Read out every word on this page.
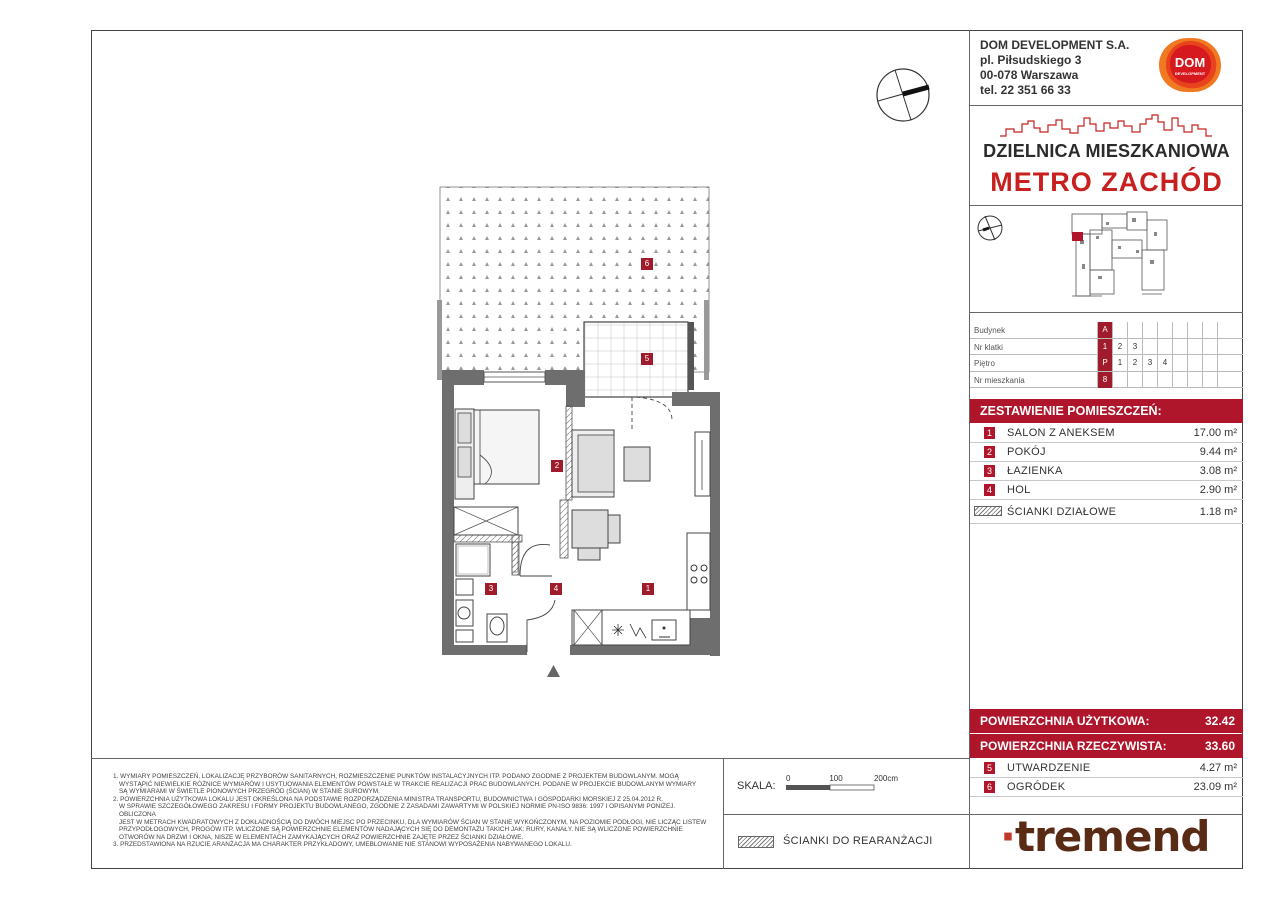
DOM DEVELOPMENT S.A.
pl. Piłsudskiego 3
00-078 Warszawa
tel. 22 351 66 33
DOM
DEVELOPMENT
DZIELNICA MIESZKANIOWA
METRO ZACHÓD
Budynek	A
Nr klatki	1	2	3
Piętro	P	1	2	3	4
Nr mieszkania	8
ZESTAWIENIE POMIESZCZEŃ:
1 SALON Z ANEKSEM	17.00 m²
2 POKÓJ	9.44 m²
3 ŁAZIENKA	3.08 m²
4 HOL	2.90 m²
ŚCIANKI DZIAŁOWE	1.18 m²
POWIERZCHNIA UŻYTKOWA:	32.42
POWIERZCHNIA RZECZYWISTA:	33.60
5 UTWARDZENIE	4.27 m²
6 OGRÓDEK	23.09 m²
·tremend
SKALA:
0	100	200cm
ŚCIANKI DO REARANŻACJI
1. WYMIARY POMIESZCZEŃ, LOKALIZACJĘ PRZYBORÓW SANITARNYCH, ROZMIESZCZENIE PUNKTÓW INSTALACYJNYCH ITP. PODANO ZGODNIE Z PROJEKTEM BUDOWLANYM. MOGĄ
WYSTĄPIĆ NIEWIELKIE RÓŻNICE WYMIARÓW I USYTUOWANIA ELEMENTÓW POWSTAŁE W TRAKCIE REALIZACJI PRAC BUDOWLANYCH. PODANE W PROJEKCIE BUDOWLANYM WYMIARY
SĄ WYMIARAMI W ŚWIETLE PIONOWYCH PRZEGRÓD (ŚCIAN) W STANIE SUROWYM.
2. POWIERZCHNIA UŻYTKOWA LOKALU JEST OKREŚLONA NA PODSTAWIE ROZPORZĄDZENIA MINISTRA TRANSPORTU, BUDOWNICTWA I GOSPODARKI MORSKIEJ Z 25.04.2012 R.
W SPRAWIE SZCZEGÓŁOWEGO ZAKRESU I FORMY PROJEKTU BUDOWLANEGO, ZGODNIE Z ZASADAMI ZAWARTYMI W POLSKIEJ NORMIE PN-ISO 9836: 1997 I OPISANYMI PONIŻEJ. OBLICZONA
JEST W METRACH KWADRATOWYCH Z DOKŁADNOŚCIĄ DO DWÓCH MIEJSC PO PRZECINKU, DLA WYMIARÓW ŚCIAN W STANIE WYKOŃCZONYM, NA POZIOMIE PODŁOGI, NIE LICZĄC LISTEW
PRZYPODŁOGOWYCH, PROGÓW ITP. WLICZONE SĄ POWIERZCHNIE ELEMENTÓW NADAJĄCYCH SIĘ DO DEMONTAŻU TAKICH JAK: RURY, KANAŁY. NIE SĄ WLICZONE POWIERZCHNIE
OTWORÓW NA DRZWI I OKNA, NISZE W ELEMENTACH ZAMYKAJĄCYCH ORAZ POWIERZCHNIE ZAJĘTE PRZEZ ŚCIANKI DZIAŁOWE.
3. PRZEDSTAWIONA NA RZUCIE ARANŻACJA MA CHARAKTER PRZYKŁADOWY, UMEBLOWANIE NIE STANOWI WYPOSAŻENIA NABYWANEGO LOKALU.
1
2
3	4
5
6
